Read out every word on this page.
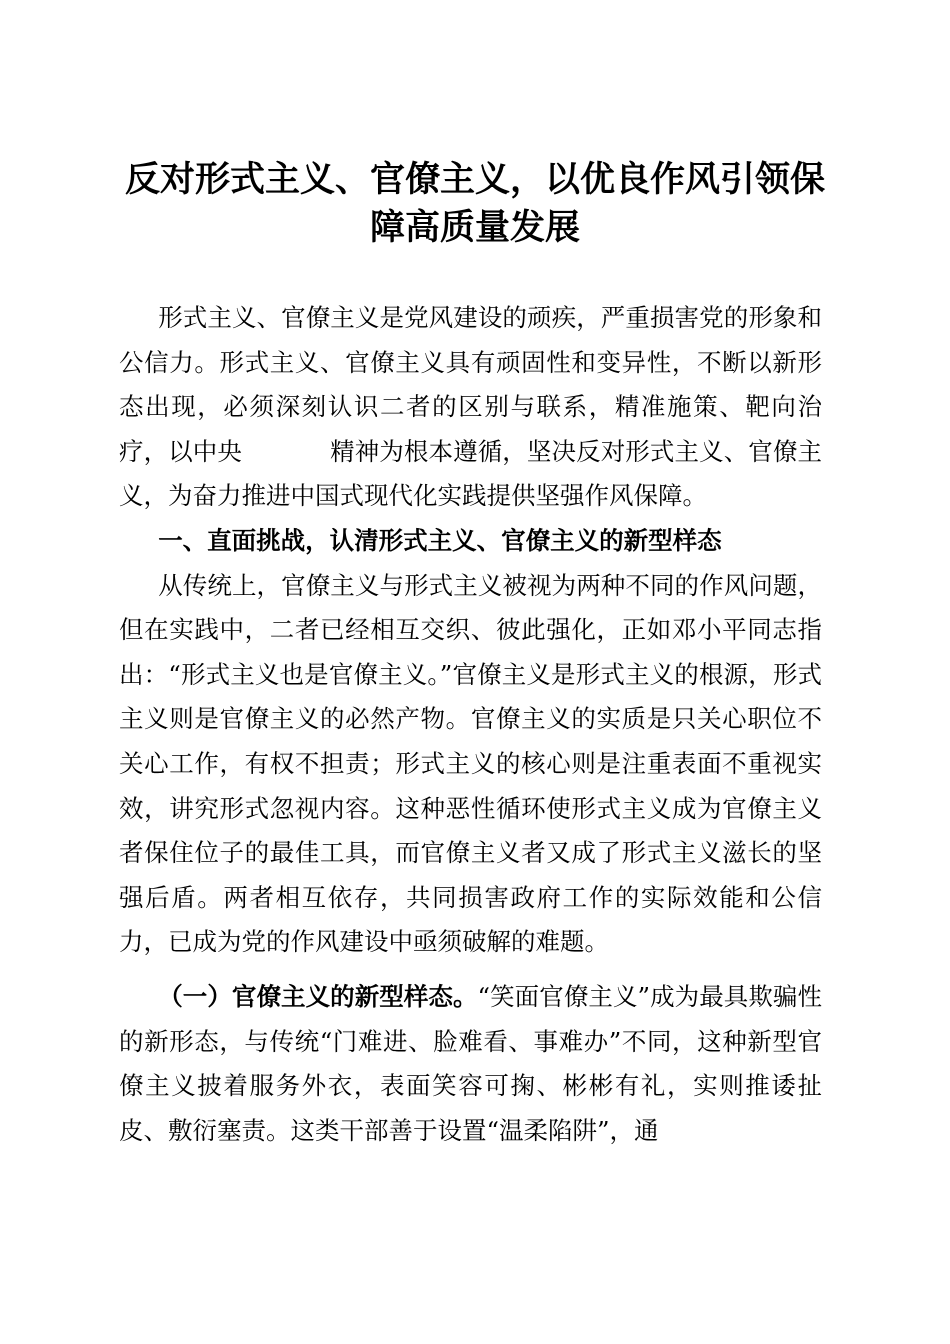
反对形式主义、官僚主义，以优良作风引领保
障高质量发展

形式主义、官僚主义是党风建设的顽疾，严重损害党的形象和公信力。形式主义、官僚主义具有顽固性和变异性，不断以新形态出现，必须深刻认识二者的区别与联系，精准施策、靶向治疗，以中央	精神为根本遵循，坚决反对形式主义、官僚主义，为奋力推进中国式现代化实践提供坚强作风保障。

一、直面挑战，认清形式主义、官僚主义的新型样态

从传统上，官僚主义与形式主义被视为两种不同的作风问题，但在实践中，二者已经相互交织、彼此强化，正如邓小平同志指出：“形式主义也是官僚主义。”官僚主义是形式主义的根源，形式主义则是官僚主义的必然产物。官僚主义的实质是只关心职位不关心工作，有权不担责；形式主义的核心则是注重表面不重视实效，讲究形式忽视内容。这种恶性循环使形式主义成为官僚主义者保住位子的最佳工具，而官僚主义者又成了形式主义滋长的坚强后盾。两者相互依存，共同损害政府工作的实际效能和公信力，已成为党的作风建设中亟须破解的难题。

（一）官僚主义的新型样态。“笑面官僚主义”成为最具欺骗性的新形态，与传统“门难进、脸难看、事难办”不同，这种新型官僚主义披着服务外衣，表面笑容可掬、彬彬有礼，实则推诿扯皮、敷衍塞责。这类干部善于设置“温柔陷阱”，通
